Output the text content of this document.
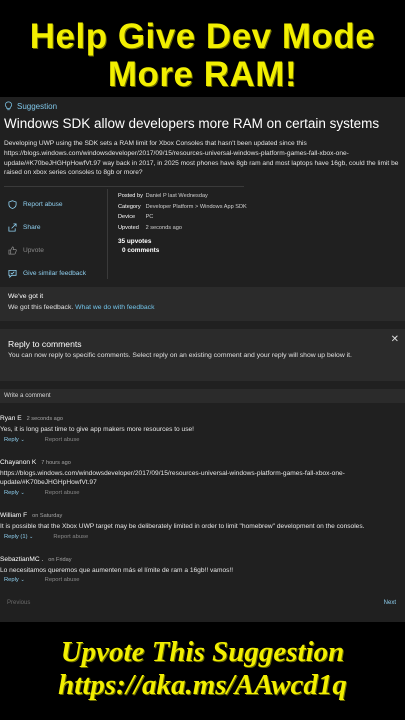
Help Give Dev Mode
More RAM!
Suggestion
Windows SDK allow developers more RAM on certain systems
Developing UWP using the SDK sets a RAM limit for Xbox Consoles that hasn't been updated since this https://blogs.windows.com/windowsdeveloper/2017/09/15/resources-universal-windows-platform-games-fall-xbox-one-update/#K70beJHGHpHowfVt.97 way back in 2017, in 2025 most phones have 8gb ram and most laptops have 16gb, could the limit be raised on xbox series consoles to 8gb or more?
Report abuse
Share
Upvote
Give similar feedback
Posted by Daniel P last Wednesday
Category Developer Platform > Windows App SDK
Device PC
Upvoted 2 seconds ago
35 upvotes
0 comments
We've got it
We got this feedback. What we do with feedback
Reply to comments
You can now reply to specific comments. Select reply on an existing comment and your reply will show up below it.
✕
Write a comment
Ryan E 2 seconds ago
Yes, it is long past time to give app makers more resources to use!
Reply ⌄	Report abuse
Chayanon K 7 hours ago
https://blogs.windows.com/windowsdeveloper/2017/09/15/resources-universal-windows-platform-games-fall-xbox-one-update/#K70beJHGHpHowfVt.97
Reply ⌄	Report abuse
William F on Saturday
It is possible that the Xbox UWP target may be deliberately limited in order to limit "homebrew" development on the consoles.
Reply (1) ⌄	Report abuse
SebaztianMC . on Friday
Lo necesitamos queremos que aumenten más el límite de ram a 16gb!! vamos!!
Reply ⌄	Report abuse
Previous	Next
Upvote This Suggestion
https://aka.ms/AAwcd1q
